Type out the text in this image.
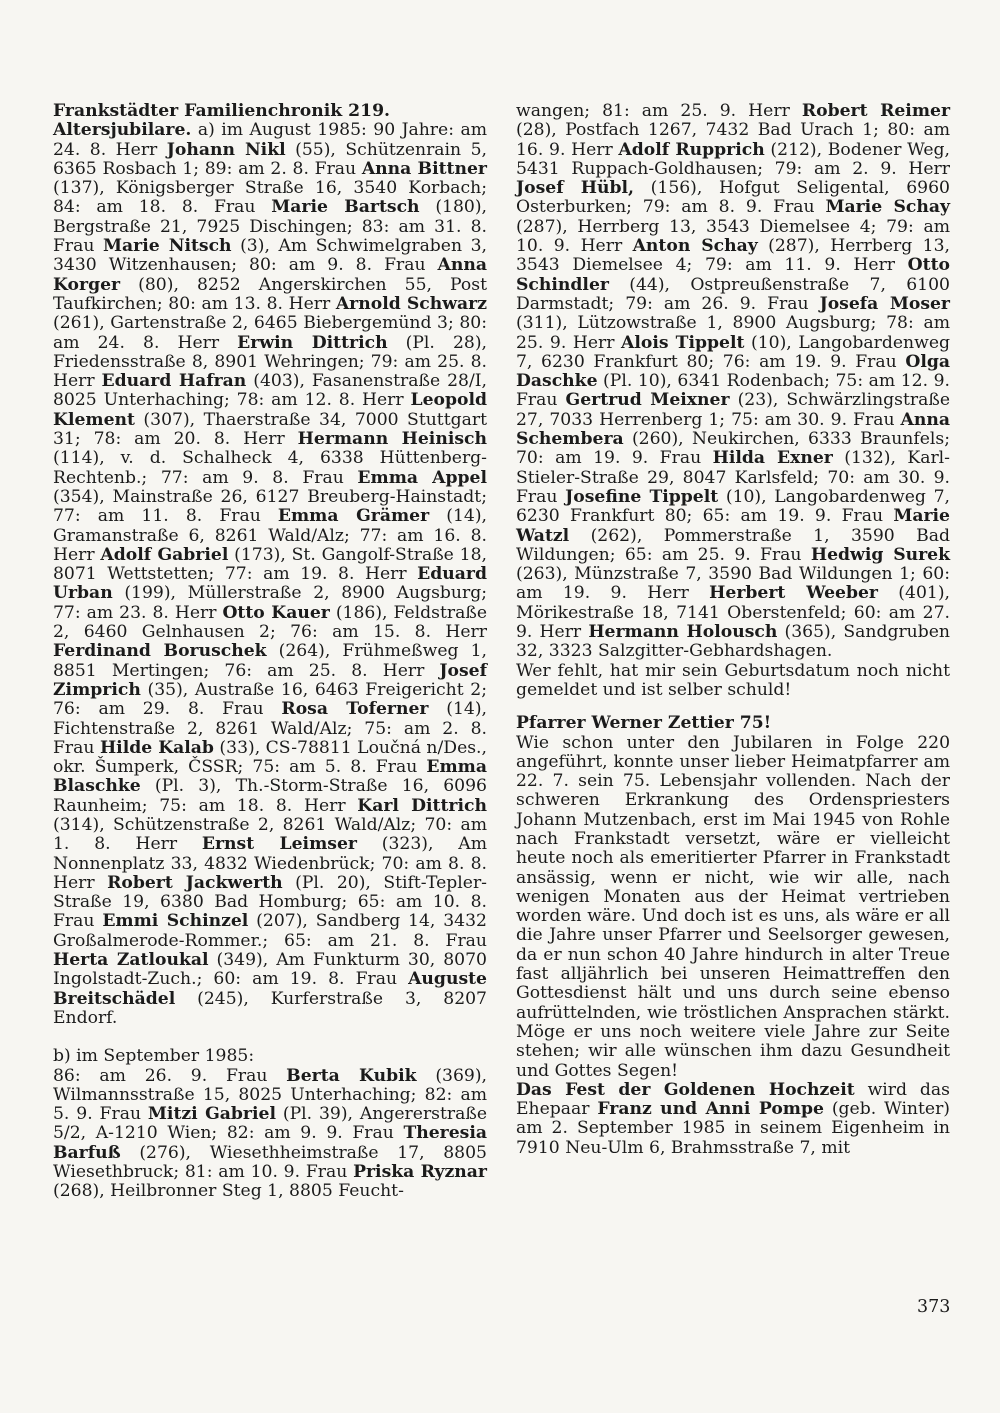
Frankstädter Familienchronik 219.
Altersjubilare. a) im August 1985: 90 Jahre: am 24. 8. Herr Johann Nikl (55), Schützenrain 5, 6365 Rosbach 1; 89: am 2. 8. Frau Anna Bittner (137), Königsberger Straße 16, 3540 Korbach; 84: am 18. 8. Frau Marie Bartsch (180), Bergstraße 21, 7925 Dischingen; 83: am 31. 8. Frau Marie Nitsch (3), Am Schwimelgraben 3, 3430 Witzenhausen; 80: am 9. 8. Frau Anna Korger (80), 8252 Angerskirchen 55, Post Taufkirchen; 80: am 13. 8. Herr Arnold Schwarz (261), Gartenstraße 2, 6465 Biebergemünd 3; 80: am 24. 8. Herr Erwin Dittrich (Pl. 28), Friedensstraße 8, 8901 Wehringen; 79: am 25. 8. Herr Eduard Hafran (403), Fasanenstraße 28/I, 8025 Unterhaching; 78: am 12. 8. Herr Leopold Klement (307), Thaerstraße 34, 7000 Stuttgart 31; 78: am 20. 8. Herr Hermann Heinisch (114), v. d. Schalheck 4, 6338 Hüttenberg-Rechtenb.; 77: am 9. 8. Frau Emma Appel (354), Mainstraße 26, 6127 Breuberg-Hainstadt; 77: am 11. 8. Frau Emma Grämer (14), Gramanstraße 6, 8261 Wald/Alz; 77: am 16. 8. Herr Adolf Gabriel (173), St. Gangolf-Straße 18, 8071 Wettstetten; 77: am 19. 8. Herr Eduard Urban (199), Müllerstraße 2, 8900 Augsburg; 77: am 23. 8. Herr Otto Kauer (186), Feldstraße 2, 6460 Gelnhausen 2; 76: am 15. 8. Herr Ferdinand Boruschek (264), Frühmeßweg 1, 8851 Mertingen; 76: am 25. 8. Herr Josef Zimprich (35), Austraße 16, 6463 Freigericht 2; 76: am 29. 8. Frau Rosa Toferner (14), Fichtenstraße 2, 8261 Wald/Alz; 75: am 2. 8. Frau Hilde Kalab (33), CS-78811 Loučná n/Des., okr. Šumperk, ČSSR; 75: am 5. 8. Frau Emma Blaschke (Pl. 3), Th.-Storm-Straße 16, 6096 Raunheim; 75: am 18. 8. Herr Karl Dittrich (314), Schützenstraße 2, 8261 Wald/Alz; 70: am 1. 8. Herr Ernst Leimser (323), Am Nonnenplatz 33, 4832 Wiedenbrück; 70: am 8. 8. Herr Robert Jackwerth (Pl. 20), Stift-Tepler-Straße 19, 6380 Bad Homburg; 65: am 10. 8. Frau Emmi Schinzel (207), Sandberg 14, 3432 Großalmerode-Rommer.; 65: am 21. 8. Frau Herta Zatloukal (349), Am Funkturm 30, 8070 Ingolstadt-Zuch.; 60: am 19. 8. Frau Auguste Breitschädel (245), Kurferstraße 3, 8207 Endorf.

b) im September 1985:
86: am 26. 9. Frau Berta Kubik (369), Wilmannsstraße 15, 8025 Unterhaching; 82: am 5. 9. Frau Mitzi Gabriel (Pl. 39), Angererstraße 5/2, A-1210 Wien; 82: am 9. 9. Frau Theresia Barfuß (276), Wiesethheimstraße 17, 8805 Wiesethbruck; 81: am 10. 9. Frau Priska Ryznar (268), Heilbronner Steg 1, 8805 Feucht-

wangen; 81: am 25. 9. Herr Robert Reimer (28), Postfach 1267, 7432 Bad Urach 1; 80: am 16. 9. Herr Adolf Rupprich (212), Bodener Weg, 5431 Ruppach-Goldhausen; 79: am 2. 9. Herr Josef Hübl, (156), Hofgut Seligental, 6960 Osterburken; 79: am 8. 9. Frau Marie Schay (287), Herrberg 13, 3543 Diemelsee 4; 79: am 10. 9. Herr Anton Schay (287), Herrberg 13, 3543 Diemelsee 4; 79: am 11. 9. Herr Otto Schindler (44), Ostpreußenstraße 7, 6100 Darmstadt; 79: am 26. 9. Frau Josefa Moser (311), Lützowstraße 1, 8900 Augsburg; 78: am 25. 9. Herr Alois Tippelt (10), Langobardenweg 7, 6230 Frankfurt 80; 76: am 19. 9. Frau Olga Daschke (Pl. 10), 6341 Rodenbach; 75: am 12. 9. Frau Gertrud Meixner (23), Schwärzlingstraße 27, 7033 Herrenberg 1; 75: am 30. 9. Frau Anna Schembera (260), Neukirchen, 6333 Braunfels; 70: am 19. 9. Frau Hilda Exner (132), Karl-Stieler-Straße 29, 8047 Karlsfeld; 70: am 30. 9. Frau Josefine Tippelt (10), Langobardenweg 7, 6230 Frankfurt 80; 65: am 19. 9. Frau Marie Watzl (262), Pommerstraße 1, 3590 Bad Wildungen; 65: am 25. 9. Frau Hedwig Surek (263), Münzstraße 7, 3590 Bad Wildungen 1; 60: am 19. 9. Herr Herbert Weeber (401), Mörikestraße 18, 7141 Oberstenfeld; 60: am 27. 9. Herr Hermann Holousch (365), Sandgruben 32, 3323 Salzgitter-Gebhardshagen.

Wer fehlt, hat mir sein Geburtsdatum noch nicht gemeldet und ist selber schuld!

Pfarrer Werner Zettier 75!
Wie schon unter den Jubilaren in Folge 220 angeführt, konnte unser lieber Heimatpfarrer am 22. 7. sein 75. Lebensjahr vollenden. Nach der schweren Erkrankung des Ordenspriesters Johann Mutzenbach, erst im Mai 1945 von Rohle nach Frankstadt versetzt, wäre er vielleicht heute noch als emeritierter Pfarrer in Frankstadt ansässig, wenn er nicht, wie wir alle, nach wenigen Monaten aus der Heimat vertrieben worden wäre. Und doch ist es uns, als wäre er all die Jahre unser Pfarrer und Seelsorger gewesen, da er nun schon 40 Jahre hindurch in alter Treue fast alljährlich bei unseren Heimattreffen den Gottesdienst hält und uns durch seine ebenso aufrüttelnden, wie tröstlichen Ansprachen stärkt. Möge er uns noch weitere viele Jahre zur Seite stehen; wir alle wünschen ihm dazu Gesundheit und Gottes Segen!

Das Fest der Goldenen Hochzeit wird das Ehepaar Franz und Anni Pompe (geb. Winter) am 2. September 1985 in seinem Eigenheim in 7910 Neu-Ulm 6, Brahmsstraße 7, mit

373
